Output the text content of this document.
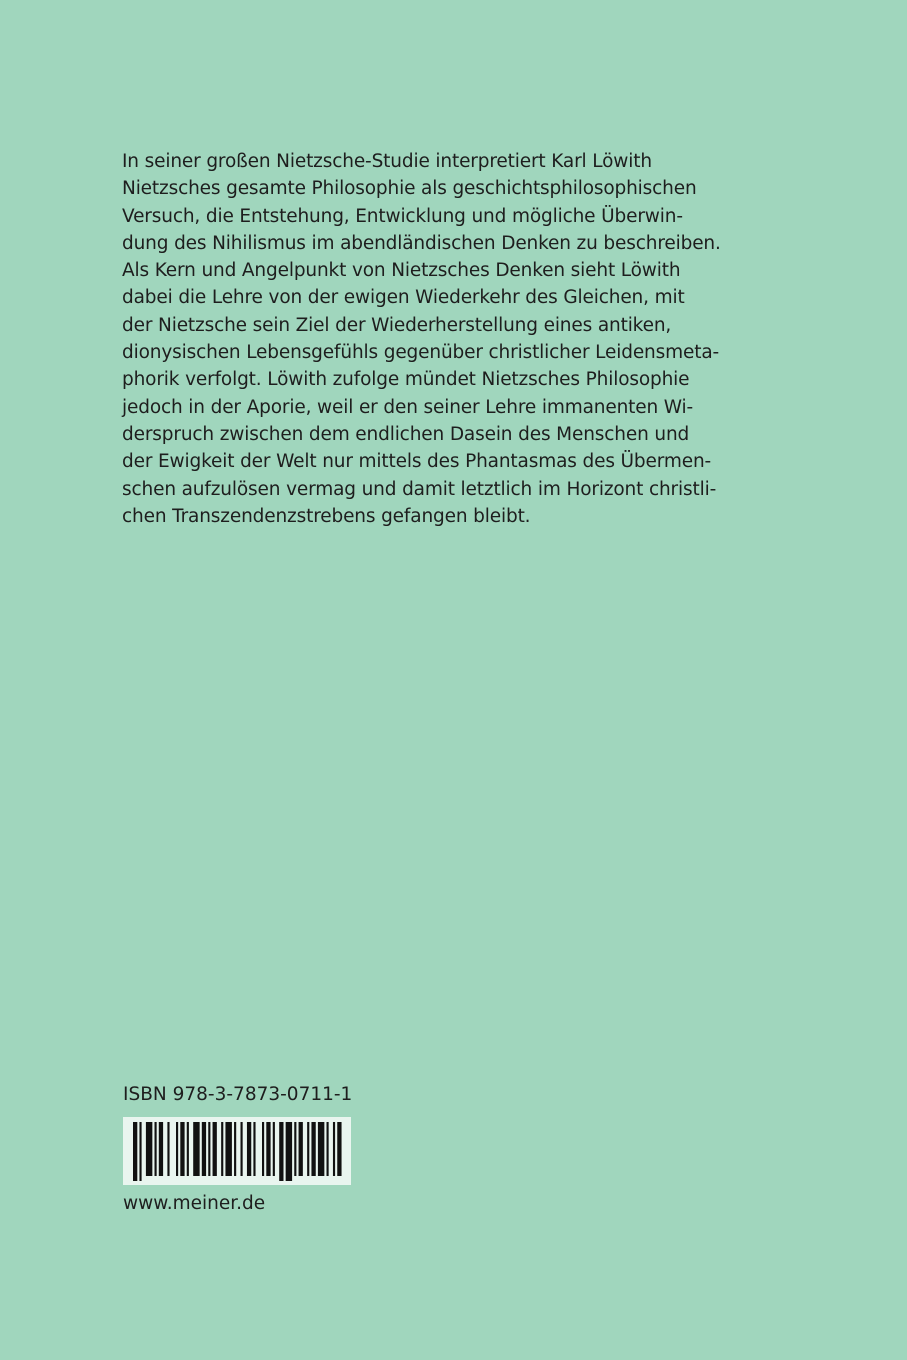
In seiner großen Nietzsche-Studie interpretiert Karl Löwith
Nietzsches gesamte Philosophie als geschichtsphilosophischen
Versuch, die Entstehung, Entwicklung und mögliche Überwin-
dung des Nihilismus im abendländischen Denken zu beschreiben.
Als Kern und Angelpunkt von Nietzsches Denken sieht Löwith
dabei die Lehre von der ewigen Wiederkehr des Gleichen, mit
der Nietzsche sein Ziel der Wiederherstellung eines antiken,
dionysischen Lebensgefühls gegenüber christlicher Leidensmeta-
phorik verfolgt. Löwith zufolge mündet Nietzsches Philosophie
jedoch in der Aporie, weil er den seiner Lehre immanenten Wi-
derspruch zwischen dem endlichen Dasein des Menschen und
der Ewigkeit der Welt nur mittels des Phantasmas des Übermen-
schen aufzulösen vermag und damit letztlich im Horizont christli-
chen Transzendenzstrebens gefangen bleibt.
ISBN 978-3-7873-0711-1
www.meiner.de
